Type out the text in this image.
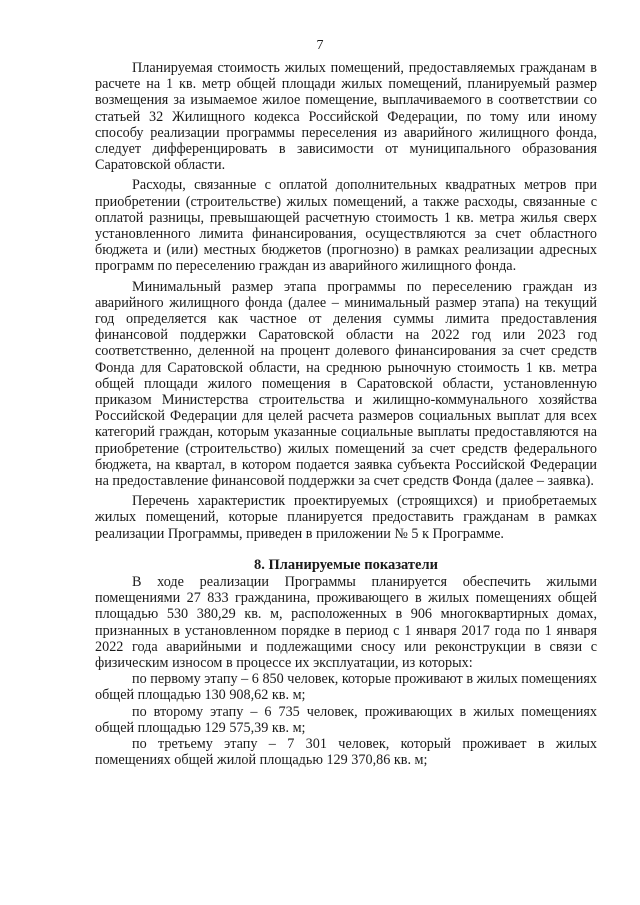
7

Планируемая стоимость жилых помещений, предоставляемых гражданам в расчете на 1 кв. метр общей площади жилых помещений, планируемый размер возмещения за изымаемое жилое помещение, выплачиваемого в соответствии со статьей 32 Жилищного кодекса Российской Федерации, по тому или иному способу реализации программы переселения из аварийного жилищного фонда, следует дифференцировать в зависимости от муниципального образования Саратовской области.

Расходы, связанные с оплатой дополнительных квадратных метров при приобретении (строительстве) жилых помещений, а также расходы, связанные с оплатой разницы, превышающей расчетную стоимость 1 кв. метра жилья сверх установленного лимита финансирования, осуществляются за счет областного бюджета и (или) местных бюджетов (прогнозно) в рамках реализации адресных программ по переселению граждан из аварийного жилищного фонда.

Минимальный размер этапа программы по переселению граждан из аварийного жилищного фонда (далее – минимальный размер этапа) на текущий год определяется как частное от деления суммы лимита предоставления финансовой поддержки Саратовской области на 2022 год или 2023 год соответственно, деленной на процент долевого финансирования за счет средств Фонда для Саратовской области, на среднюю рыночную стоимость 1 кв. метра общей площади жилого помещения в Саратовской области, установленную приказом Министерства строительства и жилищно-коммунального хозяйства Российской Федерации для целей расчета размеров социальных выплат для всех категорий граждан, которым указанные социальные выплаты предоставляются на приобретение (строительство) жилых помещений за счет средств федерального бюджета, на квартал, в котором подается заявка субъекта Российской Федерации на предоставление финансовой поддержки за счет средств Фонда (далее – заявка).

Перечень характеристик проектируемых (строящихся) и приобретаемых жилых помещений, которые планируется предоставить гражданам в рамках реализации Программы, приведен в приложении № 5 к Программе.

8. Планируемые показатели

В ходе реализации Программы планируется обеспечить жилыми помещениями 27 833 гражданина, проживающего в жилых помещениях общей площадью 530 380,29 кв. м, расположенных в 906 многоквартирных домах, признанных в установленном порядке в период с 1 января 2017 года по 1 января 2022 года аварийными и подлежащими сносу или реконструкции в связи с физическим износом в процессе их эксплуатации, из которых:

по первому этапу – 6 850 человек, которые проживают в жилых помещениях общей площадью 130 908,62 кв. м;

по второму этапу – 6 735 человек, проживающих в жилых помещениях общей площадью 129 575,39 кв. м;

по третьему этапу – 7 301 человек, который проживает в жилых помещениях общей жилой площадью 129 370,86 кв. м;
